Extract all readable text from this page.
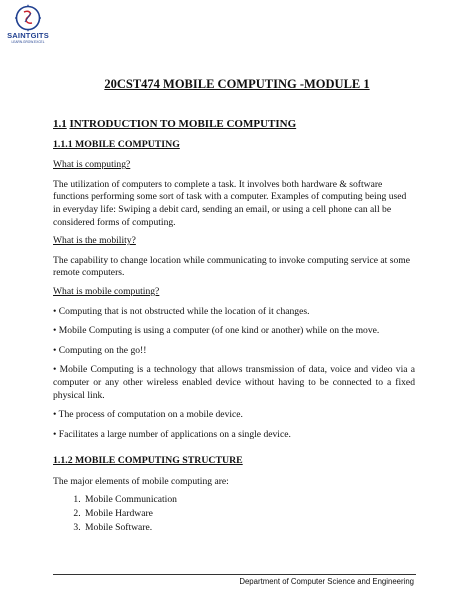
SAINTGITS
LEARN.GROW.EXCEL
20CST474 MOBILE COMPUTING -MODULE 1
1.1 INTRODUCTION TO MOBILE COMPUTING
1.1.1 MOBILE COMPUTING
What is computing?

The utilization of computers to complete a task. It involves both hardware & software functions performing some sort of task with a computer. Examples of computing being used in everyday life: Swiping a debit card, sending an email, or using a cell phone can all be considered forms of computing.

What is the mobility?

The capability to change location while communicating to invoke computing service at some remote computers.

What is mobile computing?
• Computing that is not obstructed while the location of it changes.
• Mobile Computing is using a computer (of one kind or another) while on the move.
• Computing on the go!!
• Mobile Computing is a technology that allows transmission of data, voice and video via a computer or any other wireless enabled device without having to be connected to a fixed physical link.
• The process of computation on a mobile device.
• Facilitates a large number of applications on a single device.
1.1.2 MOBILE COMPUTING STRUCTURE

The major elements of mobile computing are:

1. Mobile Communication
2. Mobile Hardware
3. Mobile Software.
Department of Computer Science and Engineering
